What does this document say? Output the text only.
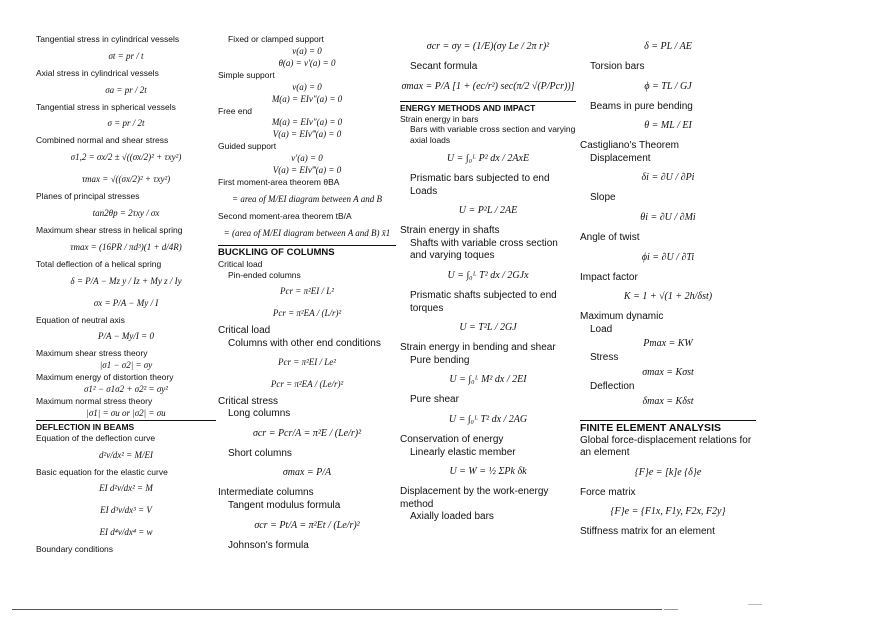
Tangential stress in cylindrical vessels
σt = pr / t
Axial stress in cylindrical vessels
σa = pr / 2t
Tangential stress in spherical vessels
σ = pr / 2t
Combined normal and shear stress
σ1,2 = σx/2 ± √((σx/2)² + τxy²)
τmax = √((σx/2)² + τxy²)
Planes of principal stresses
tan2θp = 2τxy / σx
Maximum shear stress in helical spring
τmax = (16PR / πd³)(1 + d/4R)
Total deflection of a helical spring
δ = P/A − Mz y / Iz + My z / Iy
σx = P/A − My / I
Equation of neutral axis
P/A − My/I = 0
Maximum shear stress theory
|σ1 − σ2| = σy
Maximum energy of distortion theory
σ1² − σ1σ2 + σ2² = σy²
Maximum normal stress theory
|σ1| = σu or |σ2| = σu
DEFLECTION IN BEAMS
Equation of the deflection curve
d²v/dx² = M/EI
Basic equation for the elastic curve
EI d²v/dx² = M
EI d³v/dx³ = V
EI d⁴v/dx⁴ = w
Boundary conditions
Fixed or clamped support
v(a) = 0
θ(a) = v′(a) = 0
Simple support
v(a) = 0
M(a) = EIv″(a) = 0
Free end
M(a) = EIv″(a) = 0
V(a) = EIv‴(a) = 0
Guided support
v′(a) = 0
V(a) = EIv‴(a) = 0
First moment-area theorem θBA
= area of M/EI diagram between A and B
Second moment-area theorem tB/A
= (area of M/EI diagram between A and B) x̄1
BUCKLING OF COLUMNS
Critical load
Pin-ended columns
Pcr = π²EI / L²
Pcr = π²EA / (L/r)²
Critical load
Columns with other end conditions
Pcr = π²EI / Le²
Pcr = π²EA / (Le/r)²
Critical stress
Long columns
σcr = Pcr/A = π²E / (Le/r)²
Short columns
σmax = P/A
Intermediate columns
Tangent modulus formula
σcr = Pt/A = π²Et / (Le/r)²
Johnson's formula
σcr = σy = (1/E)(σy Le / 2π r)²
Secant formula
σmax = P/A [1 + (ec/r²) sec(π/2 √(P/Pcr))]
ENERGY METHODS AND IMPACT
Strain energy in bars
Bars with variable cross section and varying axial loads
U = ∫₀ᴸ P² dx / 2AxE
Prismatic bars subjected to end Loads
U = P²L / 2AE
Strain energy in shafts
Shafts with variable cross section and varying toques
U = ∫₀ᴸ T² dx / 2GJx
Prismatic shafts subjected to end torques
U = T²L / 2GJ
Strain energy in bending and shear
Pure bending
U = ∫₀ᴸ M² dx / 2EI
Pure shear
U = ∫₀ᴸ T² dx / 2AG
Conservation of energy
Linearly elastic member
U = W = ½ ΣPk δk
Displacement by the work-energy method
Axially loaded bars
δ = PL / AE
Torsion bars
ϕ = TL / GJ
Beams in pure bending
θ = ML / EI
Castigliano's Theorem
Displacement
δi = ∂U / ∂Pi
Slope
θi = ∂U / ∂Mi
Angle of twist
ϕi = ∂U / ∂Ti
Impact factor
K = 1 + √(1 + 2h/δst)
Maximum dynamic
Load
Pmax = KW
Stress
σmax = Kσst
Deflection
δmax = Kδst
FINITE ELEMENT ANALYSIS
Global force-displacement relations for an element
{F}e = [k]e {δ}e
Force matrix
{F}e = {F1x, F1y, F2x, F2y}
Stiffness matrix for an element
